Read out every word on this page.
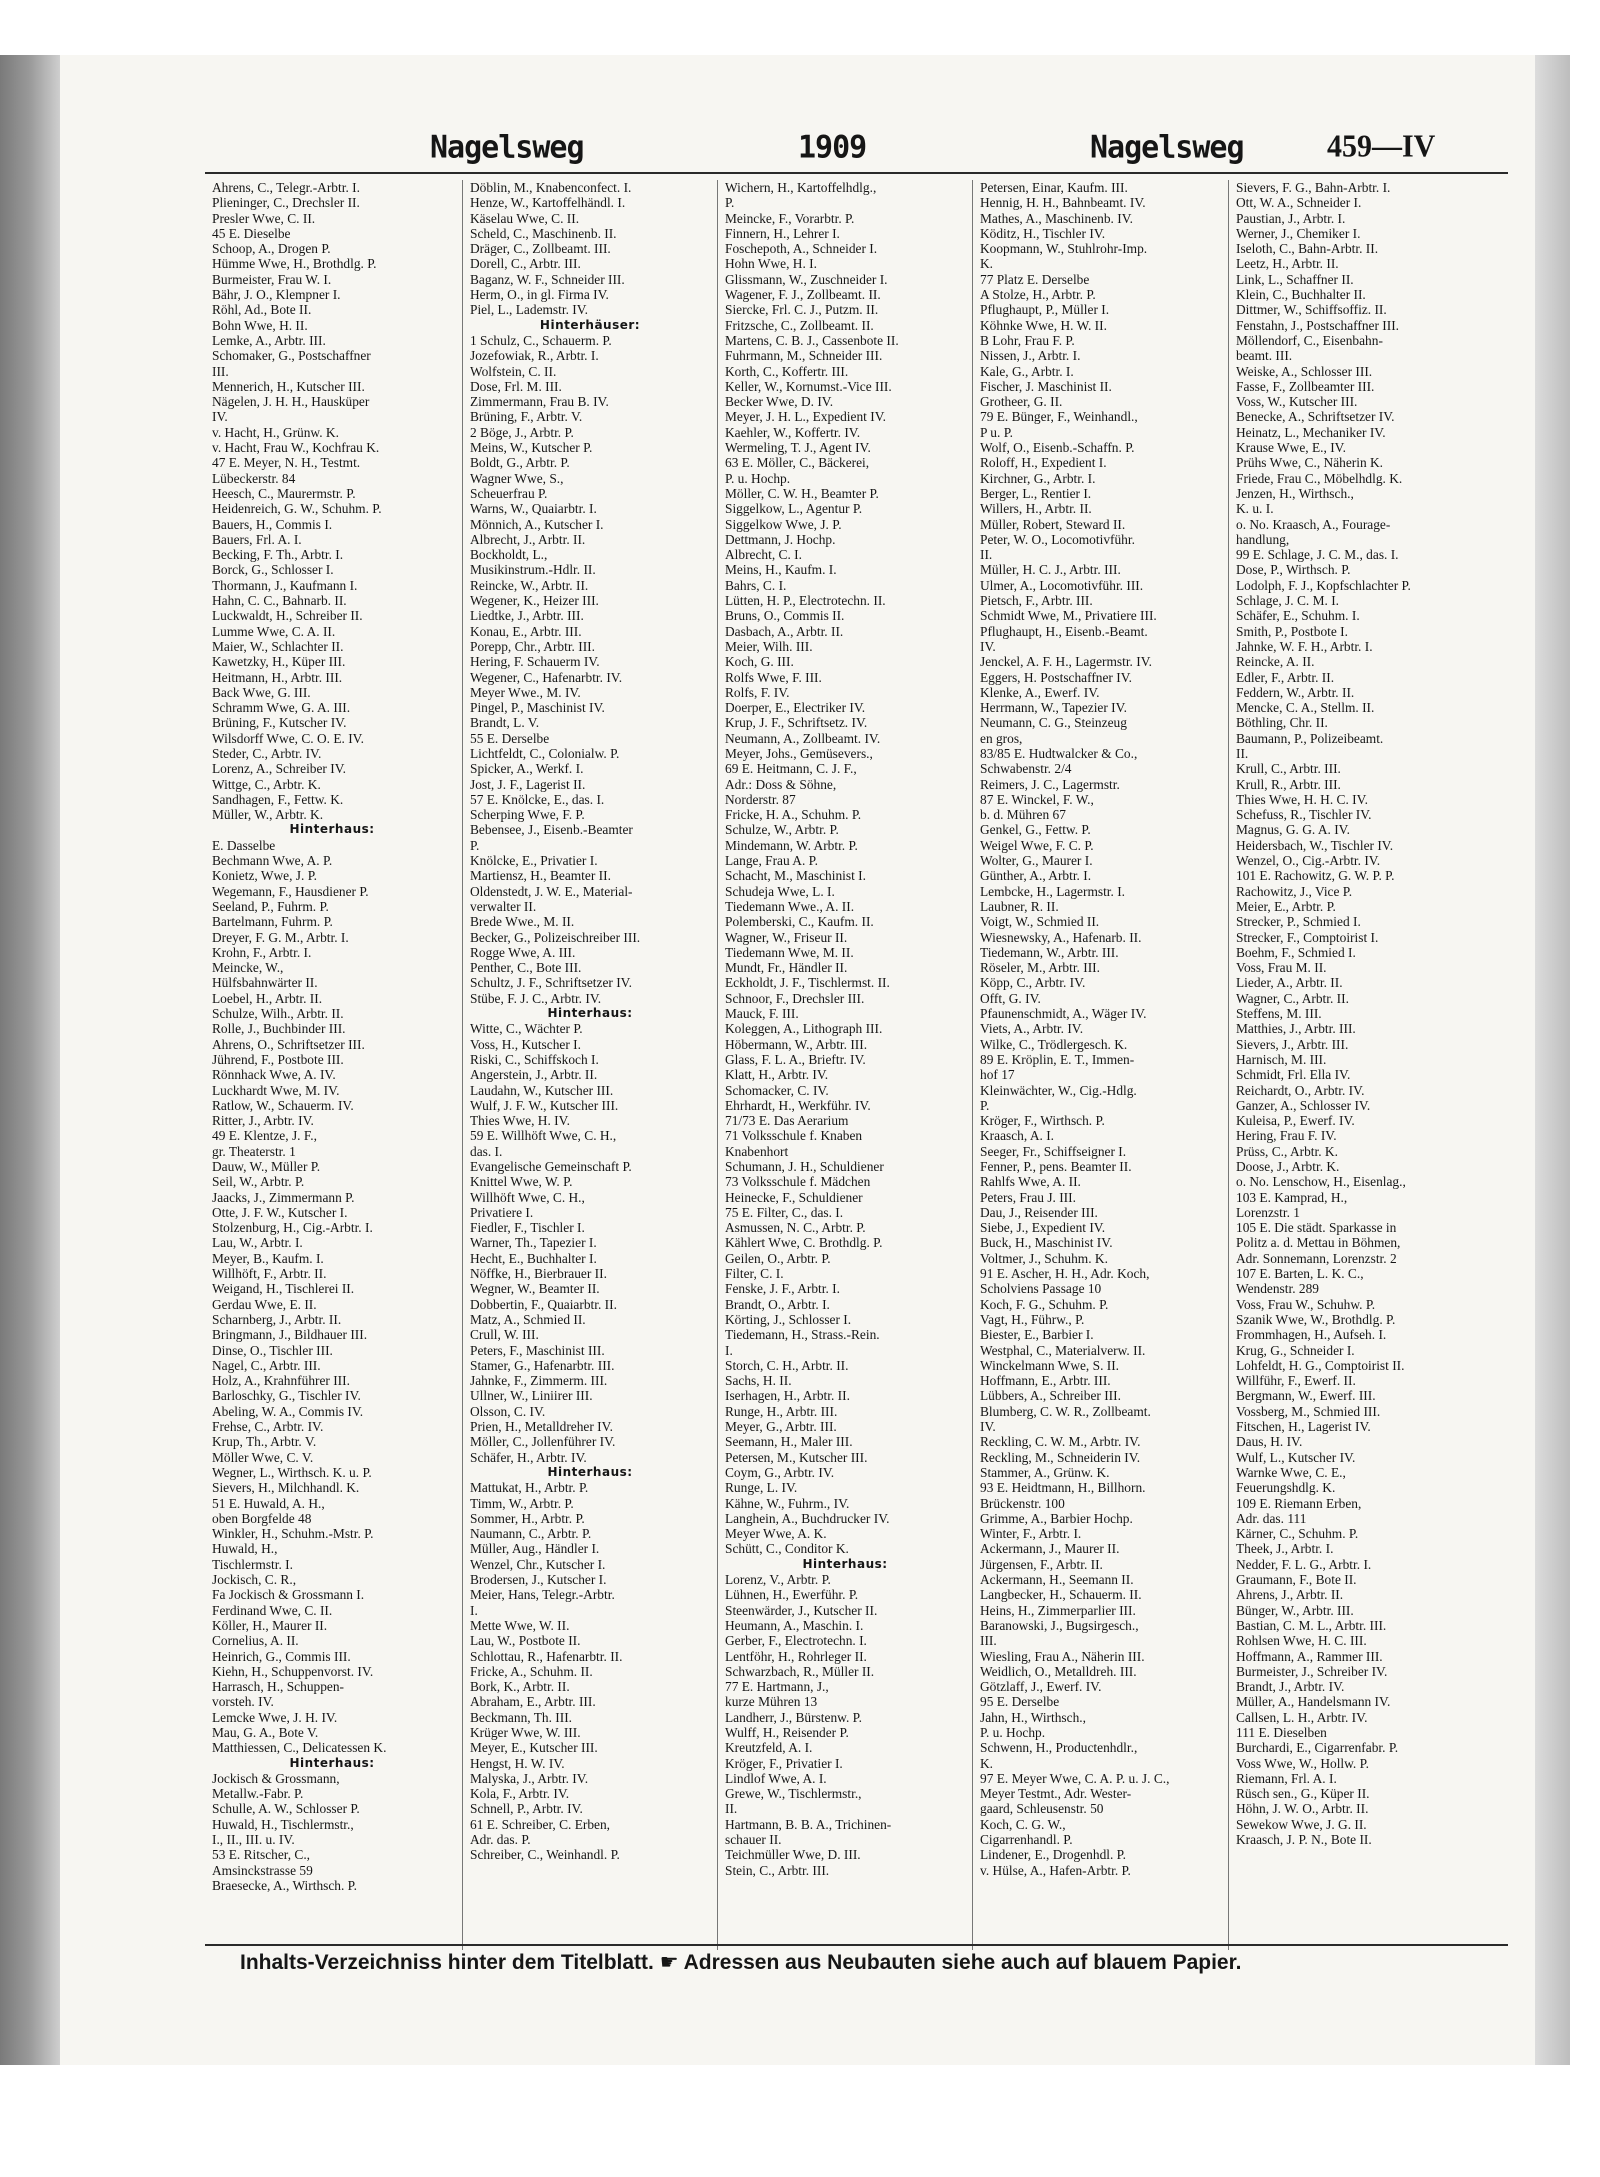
Nagelsweg	1909	Nagelsweg	459—IV
Ahrens, C., Telegr.-Arbtr. I.
Plieninger, C., Drechsler II.
Presler Wwe, C. II.
45 E. Dieselbe
Schoop, A., Drogen P.
Hümme Wwe, H., Brothdlg. P.
Burmeister, Frau W. I.
Bähr, J. O., Klempner I.
Röhl, Ad., Bote II.
Bohn Wwe, H. II.
Lemke, A., Arbtr. III.
Schomaker, G., Postschaffner
III.
Mennerich, H., Kutscher III.
Nägelen, J. H. H., Hausküper
IV.
v. Hacht, H., Grünw. K.
v. Hacht, Frau W., Kochfrau K.
47 E. Meyer, N. H., Testmt.
Lübeckerstr. 84
Heesch, C., Maurermstr. P.
Heidenreich, G. W., Schuhm. P.
Bauers, H., Commis I.
Bauers, Frl. A. I.
Becking, F. Th., Arbtr. I.
Borck, G., Schlosser I.
Thormann, J., Kaufmann I.
Hahn, C. C., Bahnarb. II.
Luckwaldt, H., Schreiber II.
Lumme Wwe, C. A. II.
Maier, W., Schlachter II.
Kawetzky, H., Küper III.
Heitmann, H., Arbtr. III.
Back Wwe, G. III.
Schramm Wwe, G. A. III.
Brüning, F., Kutscher IV.
Wilsdorff Wwe, C. O. E. IV.
Steder, C., Arbtr. IV.
Lorenz, A., Schreiber IV.
Wittge, C., Arbtr. K.
Sandhagen, F., Fettw. K.
Müller, W., Arbtr. K.
Hinterhaus:
E. Dasselbe
Bechmann Wwe, A. P.
Konietz, Wwe, J. P.
Wegemann, F., Hausdiener P.
Seeland, P., Fuhrm. P.
Bartelmann, Fuhrm. P.
Dreyer, F. G. M., Arbtr. I.
Krohn, F., Arbtr. I.
Meincke, W.,
Hülfsbahnwärter II.
Loebel, H., Arbtr. II.
Schulze, Wilh., Arbtr. II.
Rolle, J., Buchbinder III.
Ahrens, O., Schriftsetzer III.
Jührend, F., Postbote III.
Rönnhack Wwe, A. IV.
Luckhardt Wwe, M. IV.
Ratlow, W., Schauerm. IV.
Ritter, J., Arbtr. IV.
49 E. Klentze, J. F.,
gr. Theaterstr. 1
Dauw, W., Müller P.
Seil, W., Arbtr. P.
Jaacks, J., Zimmermann P.
Otte, J. F. W., Kutscher I.
Stolzenburg, H., Cig.-Arbtr. I.
Lau, W., Arbtr. I.
Meyer, B., Kaufm. I.
Willhöft, F., Arbtr. II.
Weigand, H., Tischlerei II.
Gerdau Wwe, E. II.
Scharnberg, J., Arbtr. II.
Bringmann, J., Bildhauer III.
Dinse, O., Tischler III.
Nagel, C., Arbtr. III.
Holz, A., Krahnführer III.
Barloschky, G., Tischler IV.
Abeling, W. A., Commis IV.
Frehse, C., Arbtr. IV.
Krup, Th., Arbtr. V.
Möller Wwe, C. V.
Wegner, L., Wirthsch. K. u. P.
Sievers, H., Milchhandl. K.
51 E. Huwald, A. H.,
oben Borgfelde 48
Winkler, H., Schuhm.-Mstr. P.
Huwald, H.,
Tischlermstr. I.
Jockisch, C. R.,
Fa Jockisch & Grossmann I.
Ferdinand Wwe, C. II.
Köller, H., Maurer II.
Cornelius, A. II.
Heinrich, G., Commis III.
Kiehn, H., Schuppenvorst. IV.
Harrasch, H., Schuppen-
vorsteh. IV.
Lemcke Wwe, J. H. IV.
Mau, G. A., Bote V.
Matthiessen, C., Delicatessen K.
Hinterhaus:
Jockisch & Grossmann,
Metallw.-Fabr. P.
Schulle, A. W., Schlosser P.
Huwald, H., Tischlermstr.,
I., II., III. u. IV.
53 E. Ritscher, C.,
Amsinckstrasse 59
Braesecke, A., Wirthsch. P.
Döblin, M., Knabenconfect. I.
Henze, W., Kartoffelhändl. I.
Käselau Wwe, C. II.
Scheld, C., Maschinenb. II.
Dräger, C., Zollbeamt. III.
Dorell, C., Arbtr. III.
Baganz, W. F., Schneider III.
Herm, O., in gl. Firma IV.
Piel, L., Lademstr. IV.
Hinterhäuser:
1 Schulz, C., Schauerm. P.
Jozefowiak, R., Arbtr. I.
Wolfstein, C. II.
Dose, Frl. M. III.
Zimmermann, Frau B. IV.
Brüning, F., Arbtr. V.
2 Böge, J., Arbtr. P.
Meins, W., Kutscher P.
Boldt, G., Arbtr. P.
Wagner Wwe, S.,
Scheuerfrau P.
Warns, W., Quaiarbtr. I.
Mönnich, A., Kutscher I.
Albrecht, J., Arbtr. II.
Bockholdt, L.,
Musikinstrum.-Hdlr. II.
Reincke, W., Arbtr. II.
Wegener, K., Heizer III.
Liedtke, J., Arbtr. III.
Konau, E., Arbtr. III.
Porepp, Chr., Arbtr. III.
Hering, F. Schauerm IV.
Wegener, C., Hafenarbtr. IV.
Meyer Wwe., M. IV.
Pingel, P., Maschinist IV.
Brandt, L. V.
55 E. Derselbe
Lichtfeldt, C., Colonialw. P.
Spicker, A., Werkf. I.
Jost, J. F., Lagerist II.
57 E. Knölcke, E., das. I.
Scherping Wwe, F. P.
Bebensee, J., Eisenb.-Beamter
P.
Knölcke, E., Privatier I.
Martiensz, H., Beamter II.
Oldenstedt, J. W. E., Material-
verwalter II.
Brede Wwe., M. II.
Becker, G., Polizeischreiber III.
Rogge Wwe, A. III.
Penther, C., Bote III.
Schultz, J. F., Schriftsetzer IV.
Stübe, F. J. C., Arbtr. IV.
Hinterhaus:
Witte, C., Wächter P.
Voss, H., Kutscher I.
Riski, C., Schiffskoch I.
Angerstein, J., Arbtr. II.
Laudahn, W., Kutscher III.
Wulf, J. F. W., Kutscher III.
Thies Wwe, H. IV.
59 E. Willhöft Wwe, C. H.,
das. I.
Evangelische Gemeinschaft P.
Knittel Wwe, W. P.
Willhöft Wwe, C. H.,
Privatiere I.
Fiedler, F., Tischler I.
Warner, Th., Tapezier I.
Hecht, E., Buchhalter I.
Nöffke, H., Bierbrauer II.
Wegner, W., Beamter II.
Dobbertin, F., Quaiarbtr. II.
Matz, A., Schmied II.
Crull, W. III.
Peters, F., Maschinist III.
Stamer, G., Hafenarbtr. III.
Jahnke, F., Zimmerm. III.
Ullner, W., Liniirer III.
Olsson, C. IV.
Prien, H., Metalldreher IV.
Möller, C., Jollenführer IV.
Schäfer, H., Arbtr. IV.
Hinterhaus:
Mattukat, H., Arbtr. P.
Timm, W., Arbtr. P.
Sommer, H., Arbtr. P.
Naumann, C., Arbtr. P.
Müller, Aug., Händler I.
Wenzel, Chr., Kutscher I.
Brodersen, J., Kutscher I.
Meier, Hans, Telegr.-Arbtr.
I.
Mette Wwe, W. II.
Lau, W., Postbote II.
Schlottau, R., Hafenarbtr. II.
Fricke, A., Schuhm. II.
Bork, K., Arbtr. II.
Abraham, E., Arbtr. III.
Beckmann, Th. III.
Krüger Wwe, W. III.
Meyer, E., Kutscher III.
Hengst, H. W. IV.
Malyska, J., Arbtr. IV.
Kola, F., Arbtr. IV.
Schnell, P., Arbtr. IV.
61 E. Schreiber, C. Erben,
Adr. das. P.
Schreiber, C., Weinhandl. P.
Wichern, H., Kartoffelhdlg.,
P.
Meincke, F., Vorarbtr. P.
Finnern, H., Lehrer I.
Foschepoth, A., Schneider I.
Hohn Wwe, H. I.
Glissmann, W., Zuschneider I.
Wagener, F. J., Zollbeamt. II.
Siercke, Frl. C. J., Putzm. II.
Fritzsche, C., Zollbeamt. II.
Martens, C. B. J., Cassenbote II.
Fuhrmann, M., Schneider III.
Korth, C., Koffertr. III.
Keller, W., Kornumst.-Vice III.
Becker Wwe, D. IV.
Meyer, J. H. L., Expedient IV.
Kaehler, W., Koffertr. IV.
Wermeling, T. J., Agent IV.
63 E. Möller, C., Bäckerei,
P. u. Hochp.
Möller, C. W. H., Beamter P.
Siggelkow, L., Agentur P.
Siggelkow Wwe, J. P.
Dettmann, J. Hochp.
Albrecht, C. I.
Meins, H., Kaufm. I.
Bahrs, C. I.
Lütten, H. P., Electrotechn. II.
Bruns, O., Commis II.
Dasbach, A., Arbtr. II.
Meier, Wilh. III.
Koch, G. III.
Rolfs Wwe, F. III.
Rolfs, F. IV.
Doerper, E., Electriker IV.
Krup, J. F., Schriftsetz. IV.
Neumann, A., Zollbeamt. IV.
Meyer, Johs., Gemüsevers.,
69 E. Heitmann, C. J. F.,
Adr.: Doss & Söhne,
Norderstr. 87
Fricke, H. A., Schuhm. P.
Schulze, W., Arbtr. P.
Mindemann, W. Arbtr. P.
Lange, Frau A. P.
Schacht, M., Maschinist I.
Schudeja Wwe, L. I.
Tiedemann Wwe., A. II.
Polemberski, C., Kaufm. II.
Wagner, W., Friseur II.
Tiedemann Wwe, M. II.
Mundt, Fr., Händler II.
Eckholdt, J. F., Tischlermst. II.
Schnoor, F., Drechsler III.
Mauck, F. III.
Koleggen, A., Lithograph III.
Höbermann, W., Arbtr. III.
Glass, F. L. A., Brieftr. IV.
Klatt, H., Arbtr. IV.
Schomacker, C. IV.
Ehrhardt, H., Werkführ. IV.
71/73 E. Das Aerarium
71 Volksschule f. Knaben
Knabenhort
Schumann, J. H., Schuldiener
73 Volksschule f. Mädchen
Heinecke, F., Schuldiener
75 E. Filter, C., das. I.
Asmussen, N. C., Arbtr. P.
Kählert Wwe, C. Brothdlg. P.
Geilen, O., Arbtr. P.
Filter, C. I.
Fenske, J. F., Arbtr. I.
Brandt, O., Arbtr. I.
Körting, J., Schlosser I.
Tiedemann, H., Strass.-Rein.
I.
Storch, C. H., Arbtr. II.
Sachs, H. II.
Iserhagen, H., Arbtr. II.
Runge, H., Arbtr. III.
Meyer, G., Arbtr. III.
Seemann, H., Maler III.
Petersen, M., Kutscher III.
Coym, G., Arbtr. IV.
Runge, L. IV.
Kähne, W., Fuhrm., IV.
Langhein, A., Buchdrucker IV.
Meyer Wwe, A. K.
Schütt, C., Conditor K.
Hinterhaus:
Lorenz, V., Arbtr. P.
Lühnen, H., Ewerführ. P.
Steenwärder, J., Kutscher II.
Heumann, A., Maschin. I.
Gerber, F., Electrotechn. I.
Lentföhr, H., Rohrleger II.
Schwarzbach, R., Müller II.
77 E. Hartmann, J.,
kurze Mühren 13
Landherr, J., Bürstenw. P.
Wulff, H., Reisender P.
Kreutzfeld, A. I.
Kröger, F., Privatier I.
Lindlof Wwe, A. I.
Grewe, W., Tischlermstr.,
II.
Hartmann, B. B. A., Trichinen-
schauer II.
Teichmüller Wwe, D. III.
Stein, C., Arbtr. III.
Petersen, Einar, Kaufm. III.
Hennig, H. H., Bahnbeamt. IV.
Mathes, A., Maschinenb. IV.
Köditz, H., Tischler IV.
Koopmann, W., Stuhlrohr-Imp.
K.
77 Platz E. Derselbe
A Stolze, H., Arbtr. P.
Pflughaupt, P., Müller I.
Köhnke Wwe, H. W. II.
B Lohr, Frau F. P.
Nissen, J., Arbtr. I.
Kale, G., Arbtr. I.
Fischer, J. Maschinist II.
Grotheer, G. II.
79 E. Bünger, F., Weinhandl.,
P u. P.
Wolf, O., Eisenb.-Schaffn. P.
Roloff, H., Expedient I.
Kirchner, G., Arbtr. I.
Berger, L., Rentier I.
Willers, H., Arbtr. II.
Müller, Robert, Steward II.
Peter, W. O., Locomotivführ.
II.
Müller, H. C. J., Arbtr. III.
Ulmer, A., Locomotivführ. III.
Pietsch, F., Arbtr. III.
Schmidt Wwe, M., Privatiere III.
Pflughaupt, H., Eisenb.-Beamt.
IV.
Jenckel, A. F. H., Lagermstr. IV.
Eggers, H. Postschaffner IV.
Klenke, A., Ewerf. IV.
Herrmann, W., Tapezier IV.
Neumann, C. G., Steinzeug
en gros,
83/85 E. Hudtwalcker & Co.,
Schwabenstr. 2/4
Reimers, J. C., Lagermstr.
87 E. Winckel, F. W.,
b. d. Mühren 67
Genkel, G., Fettw. P.
Weigel Wwe, F. C. P.
Wolter, G., Maurer I.
Günther, A., Arbtr. I.
Lembcke, H., Lagermstr. I.
Laubner, R. II.
Voigt, W., Schmied II.
Wiesnewsky, A., Hafenarb. II.
Tiedemann, W., Arbtr. III.
Röseler, M., Arbtr. III.
Köpp, C., Arbtr. IV.
Offt, G. IV.
Pfaunenschmidt, A., Wäger IV.
Viets, A., Arbtr. IV.
Wilke, C., Trödlergesch. K.
89 E. Kröplin, E. T., Immen-
hof 17
Kleinwächter, W., Cig.-Hdlg.
P.
Kröger, F., Wirthsch. P.
Kraasch, A. I.
Seeger, Fr., Schiffseigner I.
Fenner, P., pens. Beamter II.
Rahlfs Wwe, A. II.
Peters, Frau J. III.
Dau, J., Reisender III.
Siebe, J., Expedient IV.
Buck, H., Maschinist IV.
Voltmer, J., Schuhm. K.
91 E. Ascher, H. H., Adr. Koch,
Scholviens Passage 10
Koch, F. G., Schuhm. P.
Vagt, H., Führw., P.
Biester, E., Barbier I.
Westphal, C., Materialverw. II.
Winckelmann Wwe, S. II.
Hoffmann, E., Arbtr. III.
Lübbers, A., Schreiber III.
Blumberg, C. W. R., Zollbeamt.
IV.
Reckling, C. W. M., Arbtr. IV.
Reckling, M., Schneiderin IV.
Stammer, A., Grünw. K.
93 E. Heidtmann, H., Billhorn.
Brückenstr. 100
Grimme, A., Barbier Hochp.
Winter, F., Arbtr. I.
Ackermann, J., Maurer II.
Jürgensen, F., Arbtr. II.
Ackermann, H., Seemann II.
Langbecker, H., Schauerm. II.
Heins, H., Zimmerparlier III.
Baranowski, J., Bugsirgesch.,
III.
Wiesling, Frau A., Näherin III.
Weidlich, O., Metalldreh. III.
Götzlaff, J., Ewerf. IV.
95 E. Derselbe
Jahn, H., Wirthsch.,
P. u. Hochp.
Schwenn, H., Productenhdlr.,
K.
97 E. Meyer Wwe, C. A. P. u. J. C.,
Meyer Testmt., Adr. Wester-
gaard, Schleusenstr. 50
Koch, C. G. W.,
Cigarrenhandl. P.
Lindener, E., Drogenhdl. P.
v. Hülse, A., Hafen-Arbtr. P.
Sievers, F. G., Bahn-Arbtr. I.
Ott, W. A., Schneider I.
Paustian, J., Arbtr. I.
Werner, J., Chemiker I.
Iseloth, C., Bahn-Arbtr. II.
Leetz, H., Arbtr. II.
Link, L., Schaffner II.
Klein, C., Buchhalter II.
Dittmer, W., Schiffsoffiz. II.
Fenstahn, J., Postschaffner III.
Möllendorf, C., Eisenbahn-
beamt. III.
Weiske, A., Schlosser III.
Fasse, F., Zollbeamter III.
Voss, W., Kutscher III.
Benecke, A., Schriftsetzer IV.
Heinatz, L., Mechaniker IV.
Krause Wwe, E., IV.
Prühs Wwe, C., Näherin K.
Friede, Frau C., Möbelhdlg. K.
Jenzen, H., Wirthsch.,
K. u. I.
o. No. Kraasch, A., Fourage-
handlung,
99 E. Schlage, J. C. M., das. I.
Dose, P., Wirthsch. P.
Lodolph, F. J., Kopfschlachter P.
Schlage, J. C. M. I.
Schäfer, E., Schuhm. I.
Smith, P., Postbote I.
Jahnke, W. F. H., Arbtr. I.
Reincke, A. II.
Edler, F., Arbtr. II.
Feddern, W., Arbtr. II.
Mencke, C. A., Stellm. II.
Böthling, Chr. II.
Baumann, P., Polizeibeamt.
II.
Krull, C., Arbtr. III.
Krull, R., Arbtr. III.
Thies Wwe, H. H. C. IV.
Schefuss, R., Tischler IV.
Magnus, G. G. A. IV.
Heidersbach, W., Tischler IV.
Wenzel, O., Cig.-Arbtr. IV.
101 E. Rachowitz, G. W. P. P.
Rachowitz, J., Vice P.
Meier, E., Arbtr. P.
Strecker, P., Schmied I.
Strecker, F., Comptoirist I.
Boehm, F., Schmied I.
Voss, Frau M. II.
Lieder, A., Arbtr. II.
Wagner, C., Arbtr. II.
Steffens, M. III.
Matthies, J., Arbtr. III.
Sievers, J., Arbtr. III.
Harnisch, M. III.
Schmidt, Frl. Ella IV.
Reichardt, O., Arbtr. IV.
Ganzer, A., Schlosser IV.
Kuleisa, P., Ewerf. IV.
Hering, Frau F. IV.
Prüss, C., Arbtr. K.
Doose, J., Arbtr. K.
o. No. Lenschow, H., Eisenlag.,
103 E. Kamprad, H.,
Lorenzstr. 1
105 E. Die städt. Sparkasse in
Politz a. d. Mettau in Böhmen,
Adr. Sonnemann, Lorenzstr. 2
107 E. Barten, L. K. C.,
Wendenstr. 289
Voss, Frau W., Schuhw. P.
Szanik Wwe, W., Brothdlg. P.
Frommhagen, H., Aufseh. I.
Krug, G., Schneider I.
Lohfeldt, H. G., Comptoirist II.
Willführ, F., Ewerf. II.
Bergmann, W., Ewerf. III.
Vossberg, M., Schmied III.
Fitschen, H., Lagerist IV.
Daus, H. IV.
Wulf, L., Kutscher IV.
Warnke Wwe, C. E.,
Feuerungshdlg. K.
109 E. Riemann Erben,
Adr. das. 111
Kärner, C., Schuhm. P.
Theek, J., Arbtr. I.
Nedder, F. L. G., Arbtr. I.
Graumann, F., Bote II.
Ahrens, J., Arbtr. II.
Bünger, W., Arbtr. III.
Bastian, C. M. L., Arbtr. III.
Rohlsen Wwe, H. C. III.
Hoffmann, A., Rammer III.
Burmeister, J., Schreiber IV.
Brandt, J., Arbtr. IV.
Müller, A., Handelsmann IV.
Callsen, L. H., Arbtr. IV.
111 E. Dieselben
Burchardi, E., Cigarrenfabr. P.
Voss Wwe, W., Hollw. P.
Riemann, Frl. A. I.
Rüsch sen., G., Küper II.
Höhn, J. W. O., Arbtr. II.
Sewekow Wwe, J. G. II.
Kraasch, J. P. N., Bote II.
Inhalts-Verzeichniss hinter dem Titelblatt. ☛ Adressen aus Neubauten siehe auch auf blauem Papier.
